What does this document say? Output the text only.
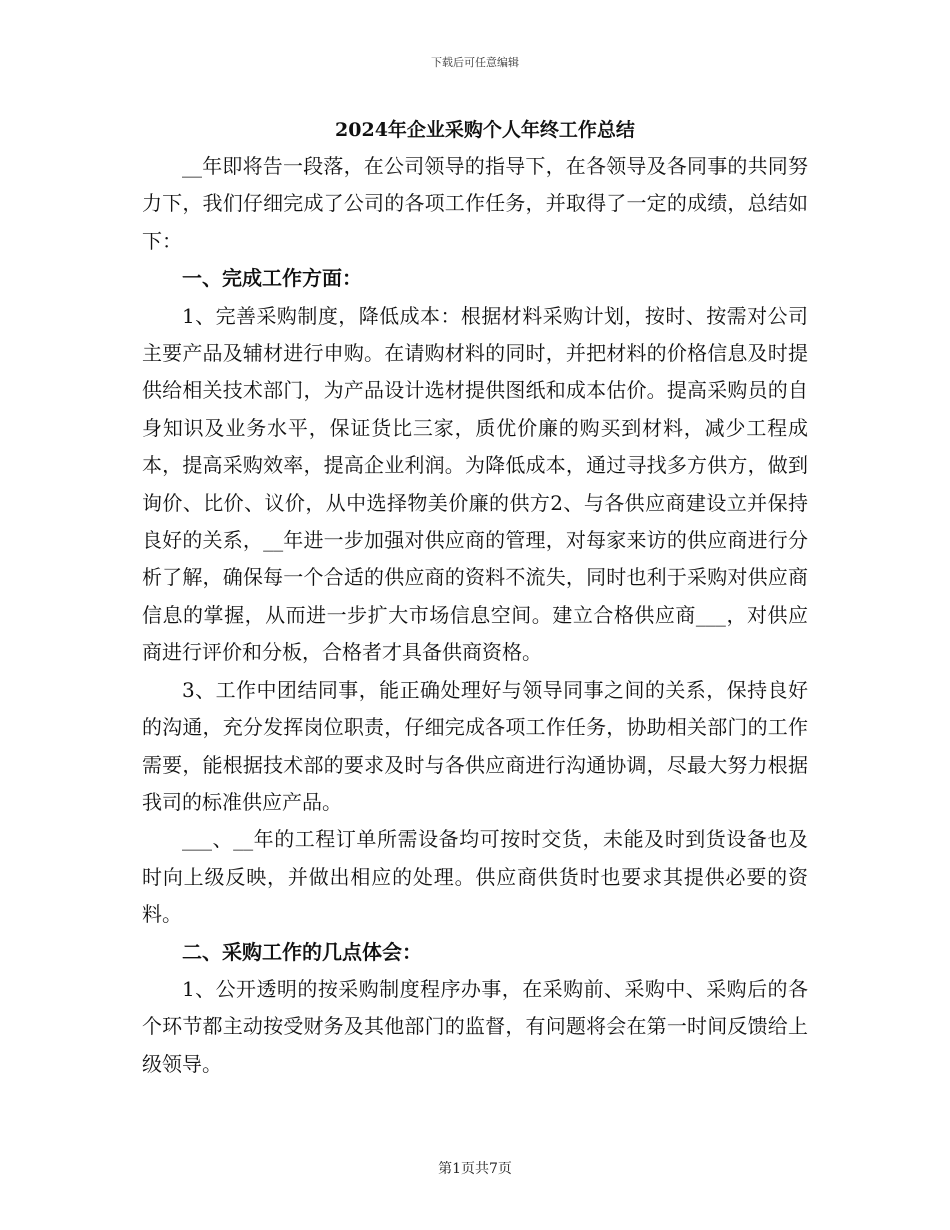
下载后可任意编辑
2024年企业采购个人年终工作总结

__年即将告一段落，在公司领导的指导下，在各领导及各同事的共同努力下，我们仔细完成了公司的各项工作任务，并取得了一定的成绩，总结如下：

一、完成工作方面：

1、完善采购制度，降低成本：根据材料采购计划，按时、按需对公司主要产品及辅材进行申购。在请购材料的同时，并把材料的价格信息及时提供给相关技术部门，为产品设计选材提供图纸和成本估价。提高采购员的自身知识及业务水平，保证货比三家，质优价廉的购买到材料，减少工程成本，提高采购效率，提高企业利润。为降低成本，通过寻找多方供方，做到询价、比价、议价，从中选择物美价廉的供方2、与各供应商建设立并保持良好的关系，__年进一步加强对供应商的管理，对每家来访的供应商进行分析了解，确保每一个合适的供应商的资料不流失，同时也利于采购对供应商信息的掌握，从而进一步扩大市场信息空间。建立合格供应商___，对供应商进行评价和分板，合格者才具备供商资格。

3、工作中团结同事，能正确处理好与领导同事之间的关系，保持良好的沟通，充分发挥岗位职责，仔细完成各项工作任务，协助相关部门的工作需要，能根据技术部的要求及时与各供应商进行沟通协调，尽最大努力根据我司的标准供应产品。

___、__年的工程订单所需设备均可按时交货，未能及时到货设备也及时向上级反映，并做出相应的处理。供应商供货时也要求其提供必要的资料。

二、采购工作的几点体会：

1、公开透明的按采购制度程序办事，在采购前、采购中、采购后的各个环节都主动按受财务及其他部门的监督，有问题将会在第一时间反馈给上级领导。

第1页共7页
